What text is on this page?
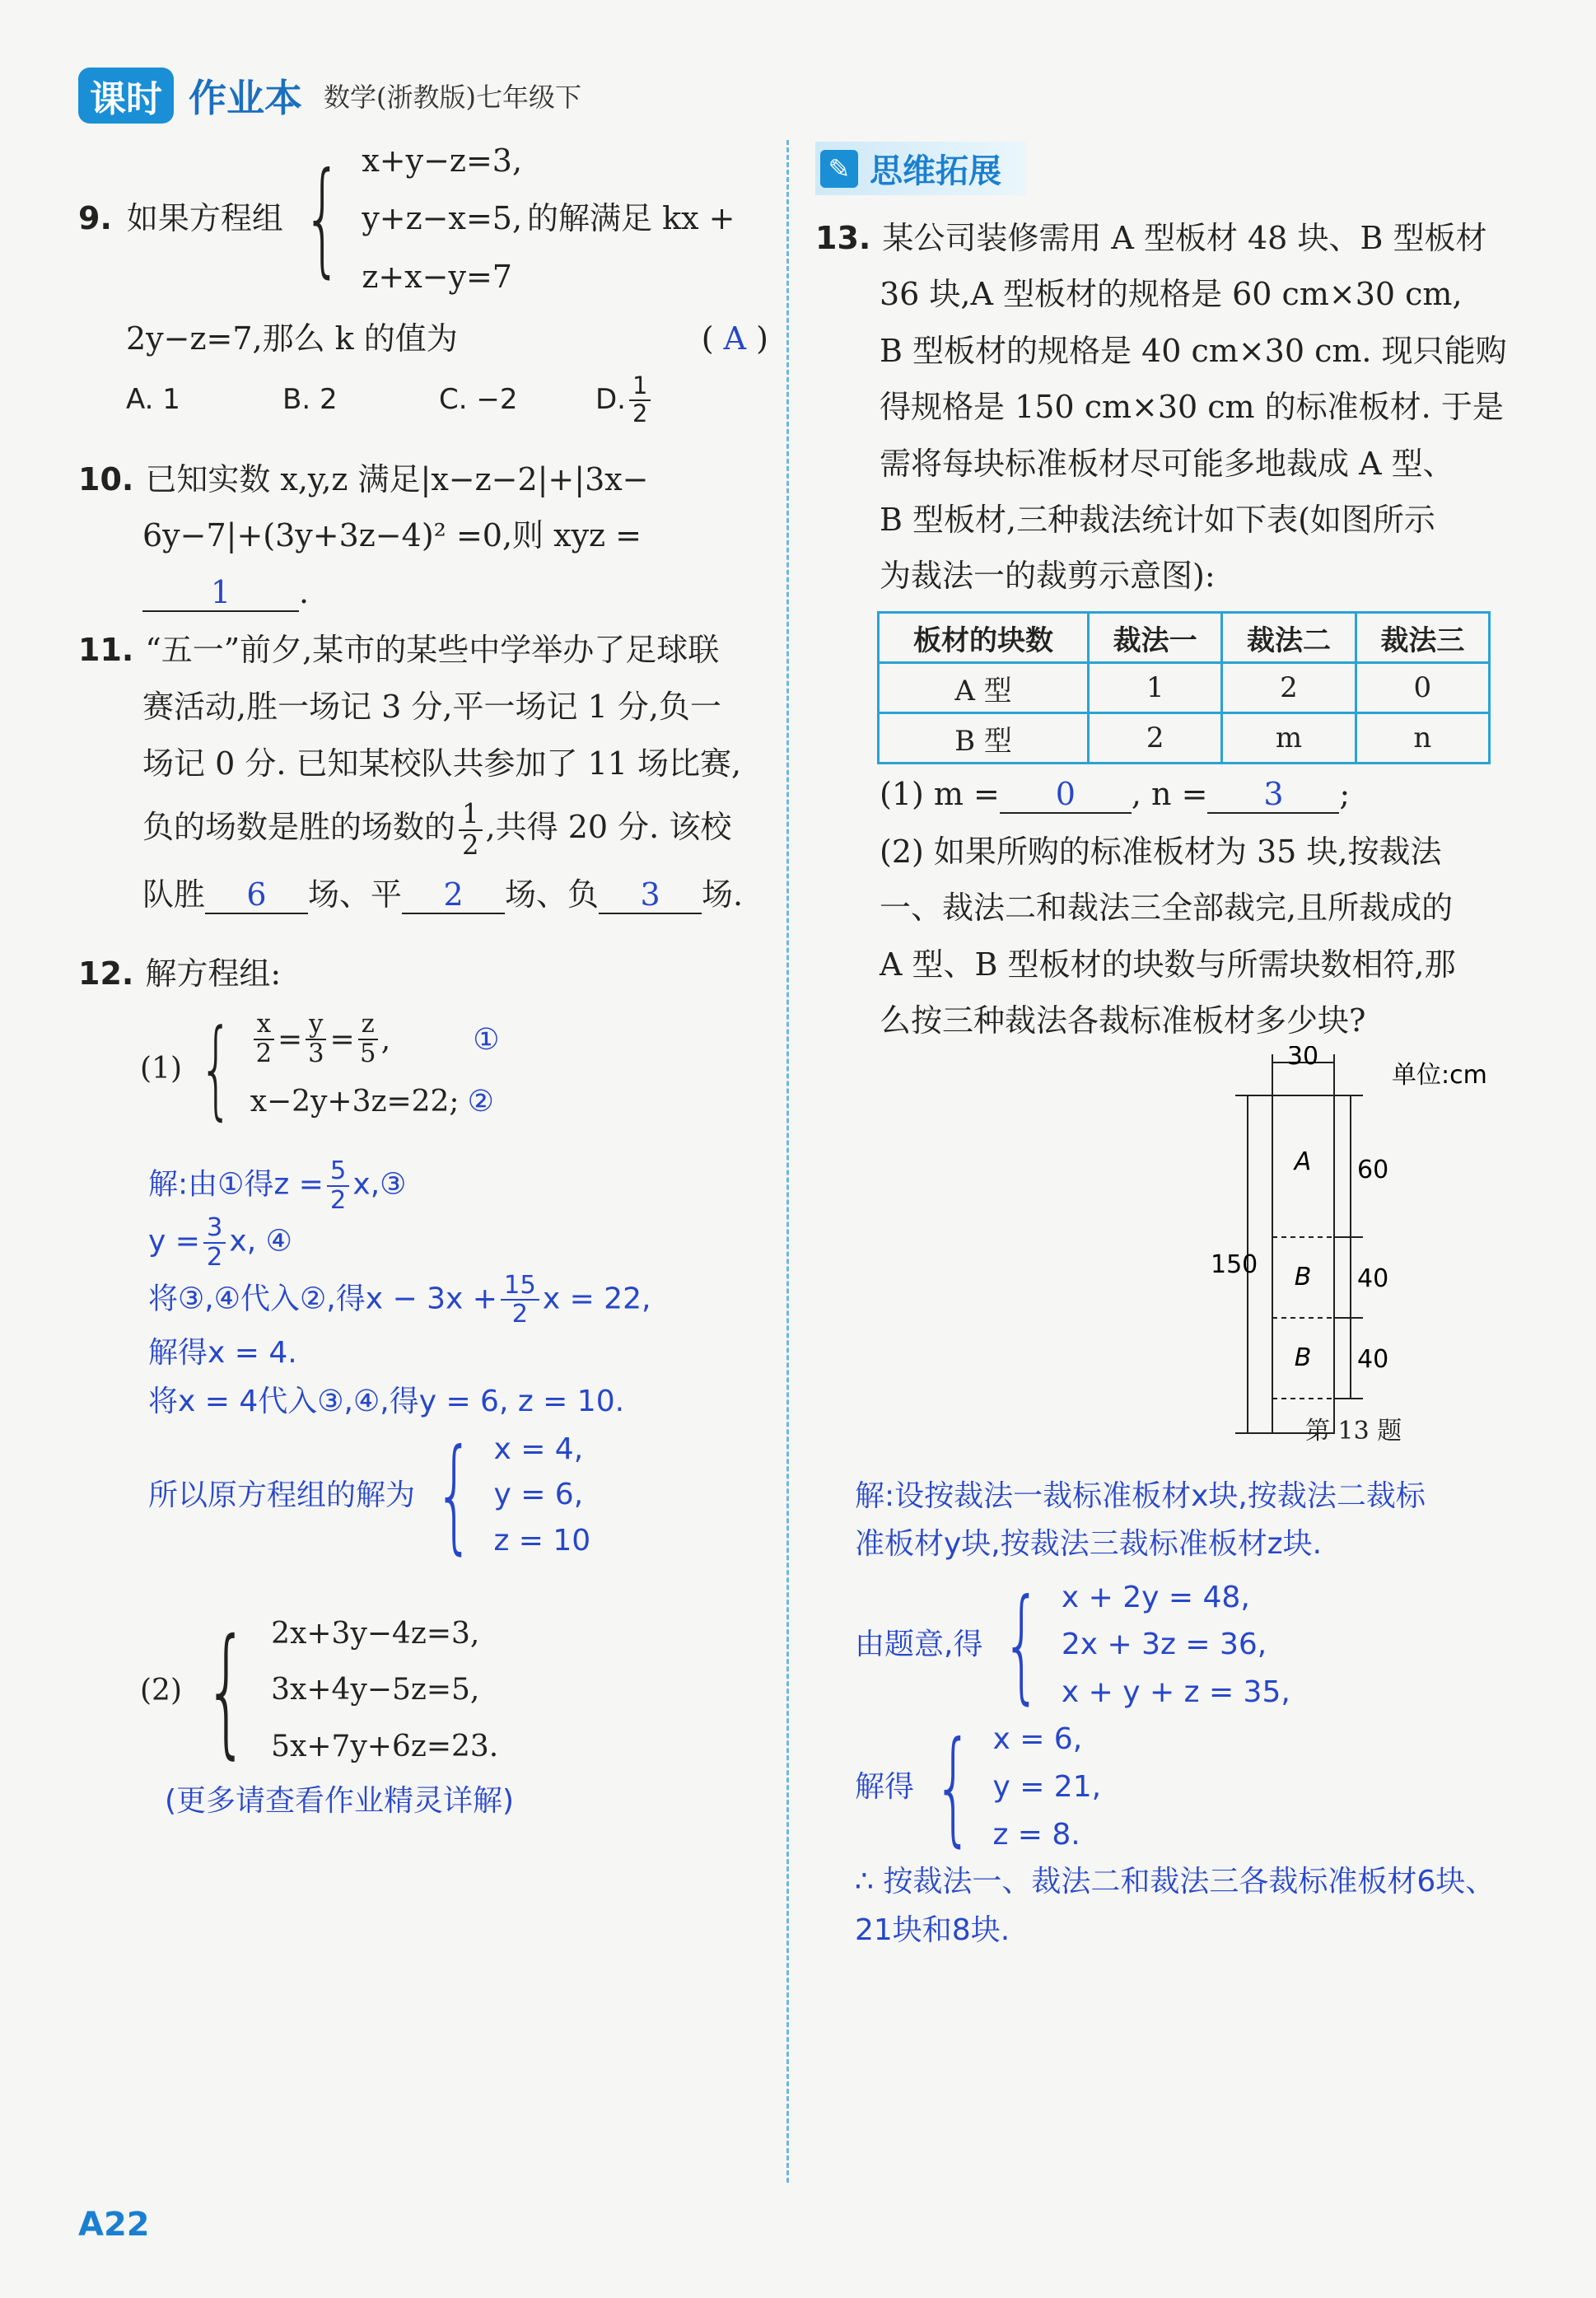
课时 作业本 数学(浙教版)七年级下
9. 如果方程组 { x+y−z=3,
y+z−x=5,
z+x−y=7
的解满足 kx +
2y−z=7,那么 k 的值为	( A )
A. 1	B. 2	C. −2	D. $\frac{1}{2}$
10. 已知实数 x,y,z 满足|x−z−2|+|3x−
6y−7|+(3y+3z−4)² =0,则 xyz =
1 .
11. “五一”前夕,某市的某些中学举办了足球联
赛活动,胜一场记 3 分,平一场记 1 分,负一
场记 0 分. 已知某校队共参加了 11 场比赛,
负的场数是胜的场数的 $\frac{1}{2}$ ,共得 20 分. 该校
队胜 6 场、平 2 场、负 3 场.
12. 解方程组:
(1) { $\frac{x}{2} = \frac{y}{3} = \frac{z}{5}$ ,	①
x−2y+3z=22; ②
解:由①得$z = \frac{5}{2}$ x,③
$y = \frac{3}{2} x$, ④
将③,④代入②,得$x - 3x + \frac{15}{2}$ x = 22,
解得x = 4.
将x = 4代入③,④,得y = 6, z = 10.
所以原方程组的解为 { x = 4,
y = 6,
z = 10
(2) { 2x+3y−4z=3,
3x+4y−5z=5,
5x+7y+6z=23.
(更多请查看作业精灵详解)
✎ 思维拓展
13. 某公司装修需用 A 型板材 48 块、B 型板材
36 块,A 型板材的规格是 60 cm×30 cm,
B 型板材的规格是 40 cm×30 cm. 现只能购
得规格是 150 cm×30 cm 的标准板材. 于是
需将每块标准板材尽可能多地裁成 A 型、
B 型板材,三种裁法统计如下表(如图所示
为裁法一的裁剪示意图):
板材的块数	裁法一	裁法二	裁法三
A 型	1	2	0
B 型	2	m	n
(1) m = 0 , n = 3 ;
(2) 如果所购的标准板材为 35 块,按裁法
一、裁法二和裁法三全部裁完,且所裁成的
A 型、B 型板材的块数与所需块数相符,那
么按三种裁法各裁标准板材多少块?
30
单位:cm
A
B
B
150
60
40
40
第 13 题
解:设按裁法一裁标准板材x块,按裁法二裁标
准板材y块,按裁法三裁标准板材z块.
由题意,得 { x + 2y = 48,
2x + 3z = 36,
x + y + z = 35,
解得 { x = 6,
y = 21,
z = 8.
∴ 按裁法一、裁法二和裁法三各裁标准板材6块、
21块和8块.
A22
